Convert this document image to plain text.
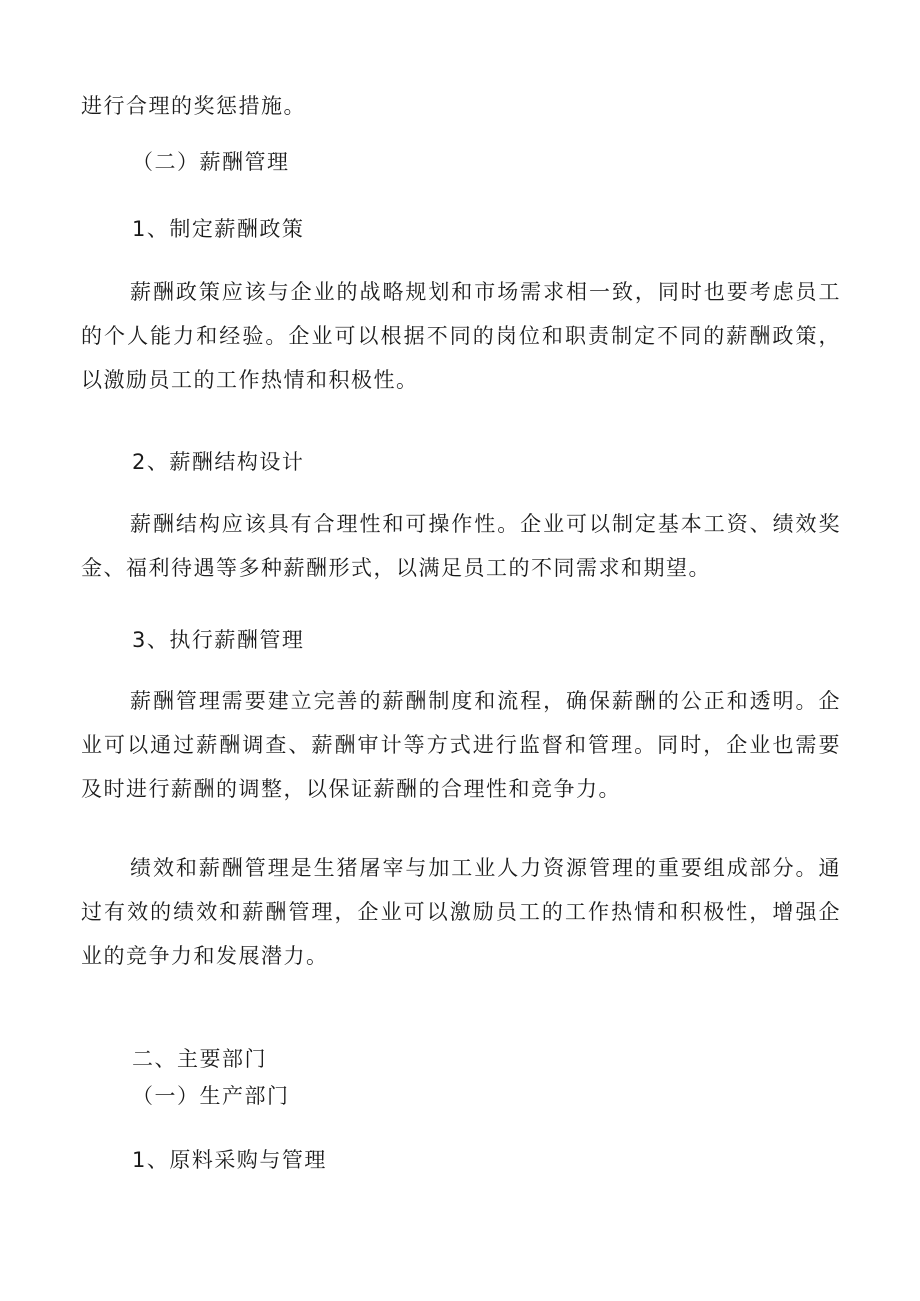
进行合理的奖惩措施。
（二）薪酬管理
1、制定薪酬政策
薪酬政策应该与企业的战略规划和市场需求相一致，同时也要考虑员工的个人能力和经验。企业可以根据不同的岗位和职责制定不同的薪酬政策，以激励员工的工作热情和积极性。
2、薪酬结构设计
薪酬结构应该具有合理性和可操作性。企业可以制定基本工资、绩效奖金、福利待遇等多种薪酬形式，以满足员工的不同需求和期望。
3、执行薪酬管理
薪酬管理需要建立完善的薪酬制度和流程，确保薪酬的公正和透明。企业可以通过薪酬调查、薪酬审计等方式进行监督和管理。同时，企业也需要及时进行薪酬的调整，以保证薪酬的合理性和竞争力。
绩效和薪酬管理是生猪屠宰与加工业人力资源管理的重要组成部分。通过有效的绩效和薪酬管理，企业可以激励员工的工作热情和积极性，增强企业的竞争力和发展潜力。
二、主要部门
（一）生产部门
1、原料采购与管理
